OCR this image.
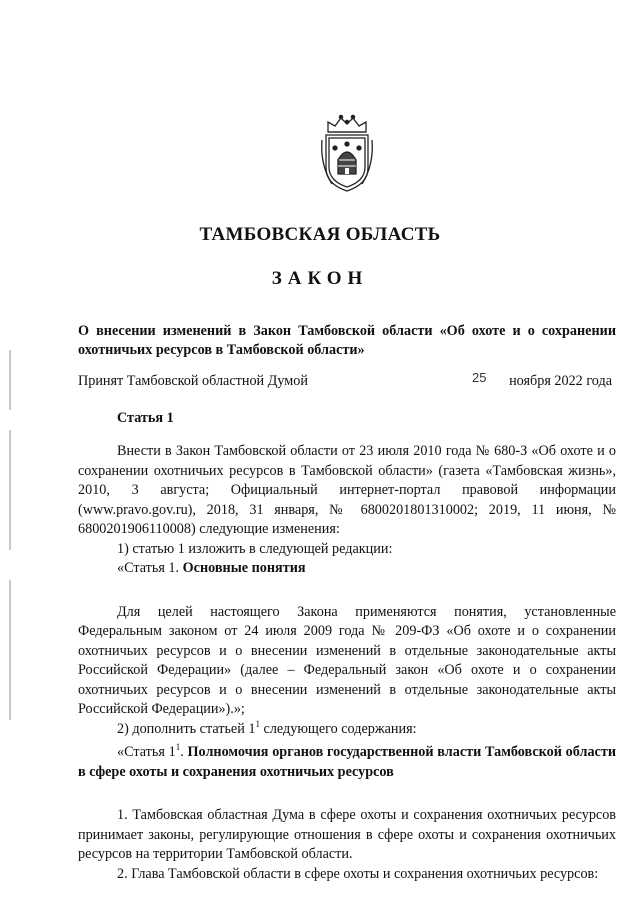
ТАМБОВСКАЯ ОБЛАСТЬ
ЗАКОН
О внесении изменений в Закон Тамбовской области «Об охоте и о сохранении охотничьих ресурсов в Тамбовской области»
Принят Тамбовской областной Думой	25 ноября 2022 года
Статья 1

Внести в Закон Тамбовской области от 23 июля 2010 года № 680-З «Об охоте и о сохранении охотничьих ресурсов в Тамбовской области» (газета «Тамбовская жизнь», 2010, 3 августа; Официальный интернет-портал правовой информации (www.pravo.gov.ru), 2018, 31 января, № 6800201801310002; 2019, 11 июня, № 6800201906110008) следующие изменения:

1) статью 1 изложить в следующей редакции:

«Статья 1. Основные понятия

Для целей настоящего Закона применяются понятия, установленные Федеральным законом от 24 июля 2009 года № 209-ФЗ «Об охоте и о сохранении охотничьих ресурсов и о внесении изменений в отдельные законодательные акты Российской Федерации» (далее – Федеральный закон «Об охоте и о сохранении охотничьих ресурсов и о внесении изменений в отдельные законодательные акты Российской Федерации»).»;

2) дополнить статьей $1^1$ следующего содержания:

«Статья $1^1$. Полномочия органов государственной власти Тамбовской области в сфере охоты и сохранения охотничьих ресурсов

1. Тамбовская областная Дума в сфере охоты и сохранения охотничьих ресурсов принимает законы, регулирующие отношения в сфере охоты и сохранения охотничьих ресурсов на территории Тамбовской области.

2. Глава Тамбовской области в сфере охоты и сохранения охотничьих ресурсов:
